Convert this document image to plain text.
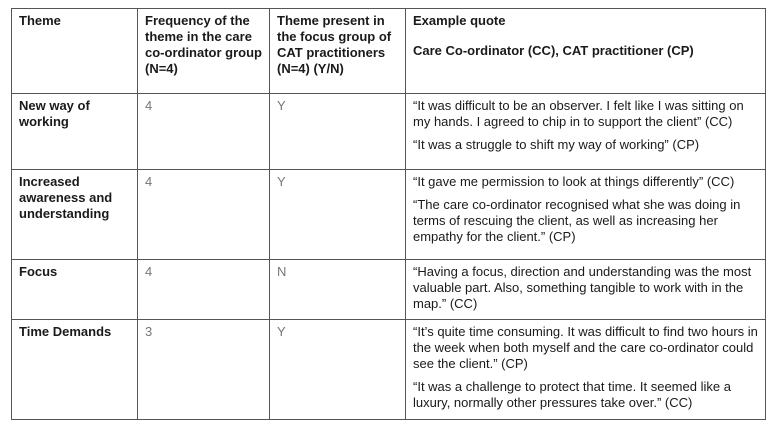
Theme	Frequency of the theme in the care co-ordinator group (N=4)	Theme present in the focus group of CAT practitioners (N=4) (Y/N)	Example quote
Care Co-ordinator (CC), CAT practitioner (CP)

New way of working	4	Y	“It was difficult to be an observer. I felt like I was sitting on my hands. I agreed to chip in to support the client” (CC)

“It was a struggle to shift my way of working” (CP)

Increased awareness and understanding	4	Y	“It gave me permission to look at things differently” (CC)

“The care co-ordinator recognised what she was doing in terms of rescuing the client, as well as increasing her empathy for the client.” (CP)

Focus	4	N	“Having a focus, direction and understanding was the most valuable part. Also, something tangible to work with in the map.” (CC)

Time Demands	3	Y	“It’s quite time consuming. It was difficult to find two hours in the week when both myself and the care co-ordinator could see the client.” (CP)

“It was a challenge to protect that time. It seemed like a luxury, normally other pressures take over.” (CC)
